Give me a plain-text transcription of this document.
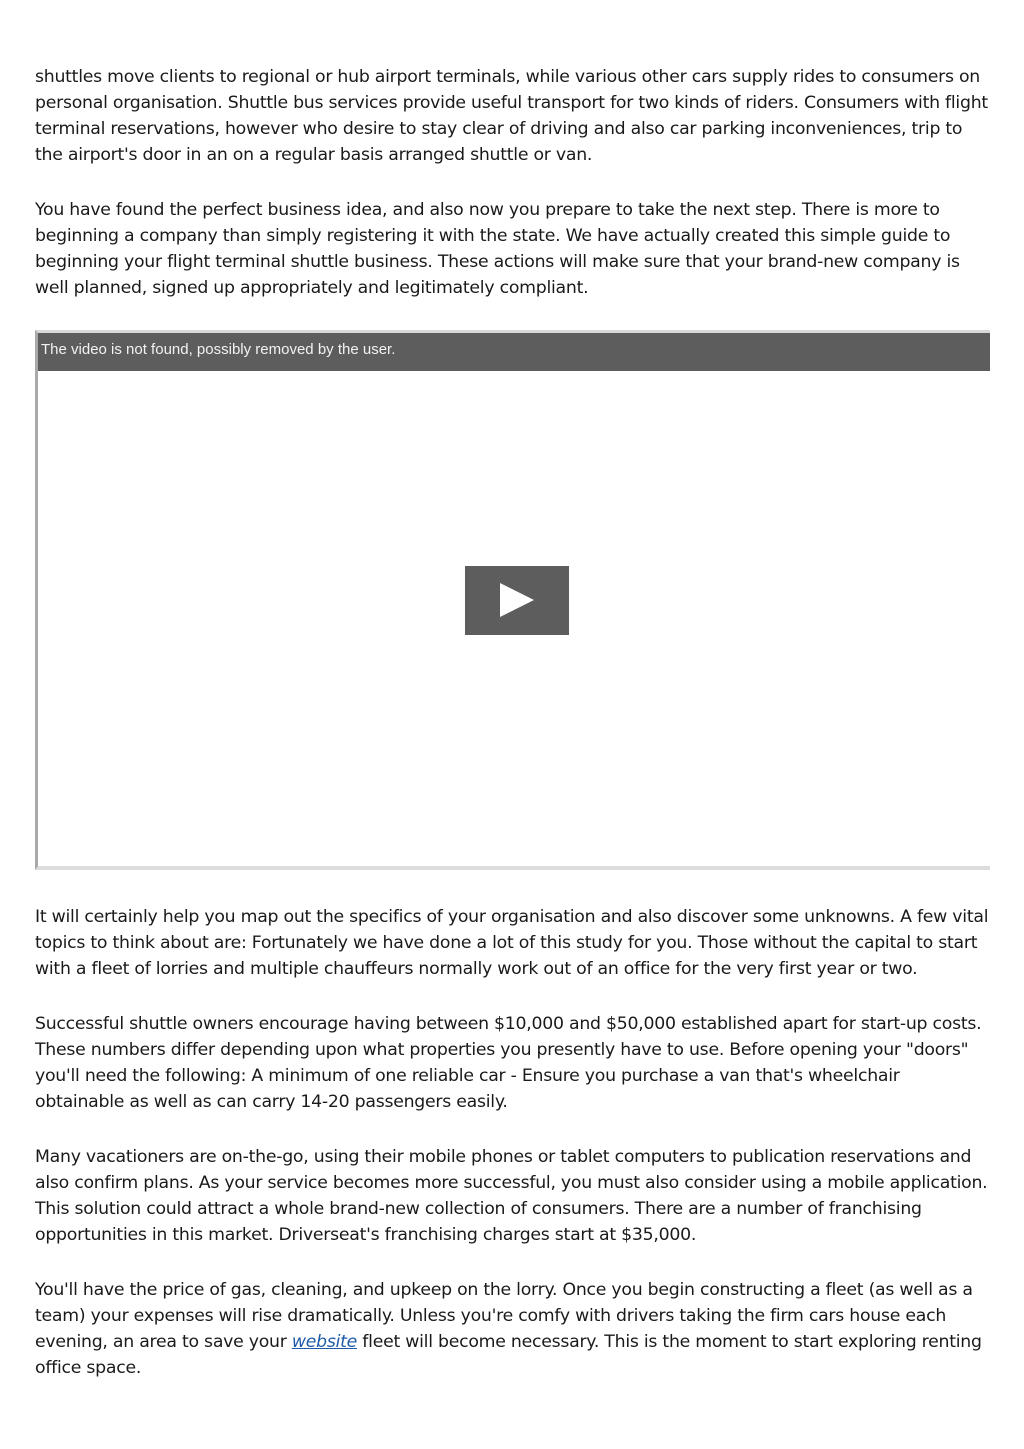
shuttles move clients to regional or hub airport terminals, while various other cars supply rides to consumers on personal organisation. Shuttle bus services provide useful transport for two kinds of riders. Consumers with flight terminal reservations, however who desire to stay clear of driving and also car parking inconveniences, trip to the airport's door in an on a regular basis arranged shuttle or van.

You have found the perfect business idea, and also now you prepare to take the next step. There is more to beginning a company than simply registering it with the state. We have actually created this simple guide to beginning your flight terminal shuttle business. These actions will make sure that your brand-new company is well planned, signed up appropriately and legitimately compliant.

The video is not found, possibly removed by the user.

It will certainly help you map out the specifics of your organisation and also discover some unknowns. A few vital topics to think about are: Fortunately we have done a lot of this study for you. Those without the capital to start with a fleet of lorries and multiple chauffeurs normally work out of an office for the very first year or two.

Successful shuttle owners encourage having between $10,000 and $50,000 established apart for start-up costs. These numbers differ depending upon what properties you presently have to use. Before opening your "doors" you'll need the following: A minimum of one reliable car - Ensure you purchase a van that's wheelchair obtainable as well as can carry 14-20 passengers easily.

Many vacationers are on-the-go, using their mobile phones or tablet computers to publication reservations and also confirm plans. As your service becomes more successful, you must also consider using a mobile application. This solution could attract a whole brand-new collection of consumers. There are a number of franchising opportunities in this market. Driverseat's franchising charges start at $35,000.

You'll have the price of gas, cleaning, and upkeep on the lorry. Once you begin constructing a fleet (as well as a team) your expenses will rise dramatically. Unless you're comfy with drivers taking the firm cars house each evening, an area to save your website fleet will become necessary. This is the moment to start exploring renting office space.
